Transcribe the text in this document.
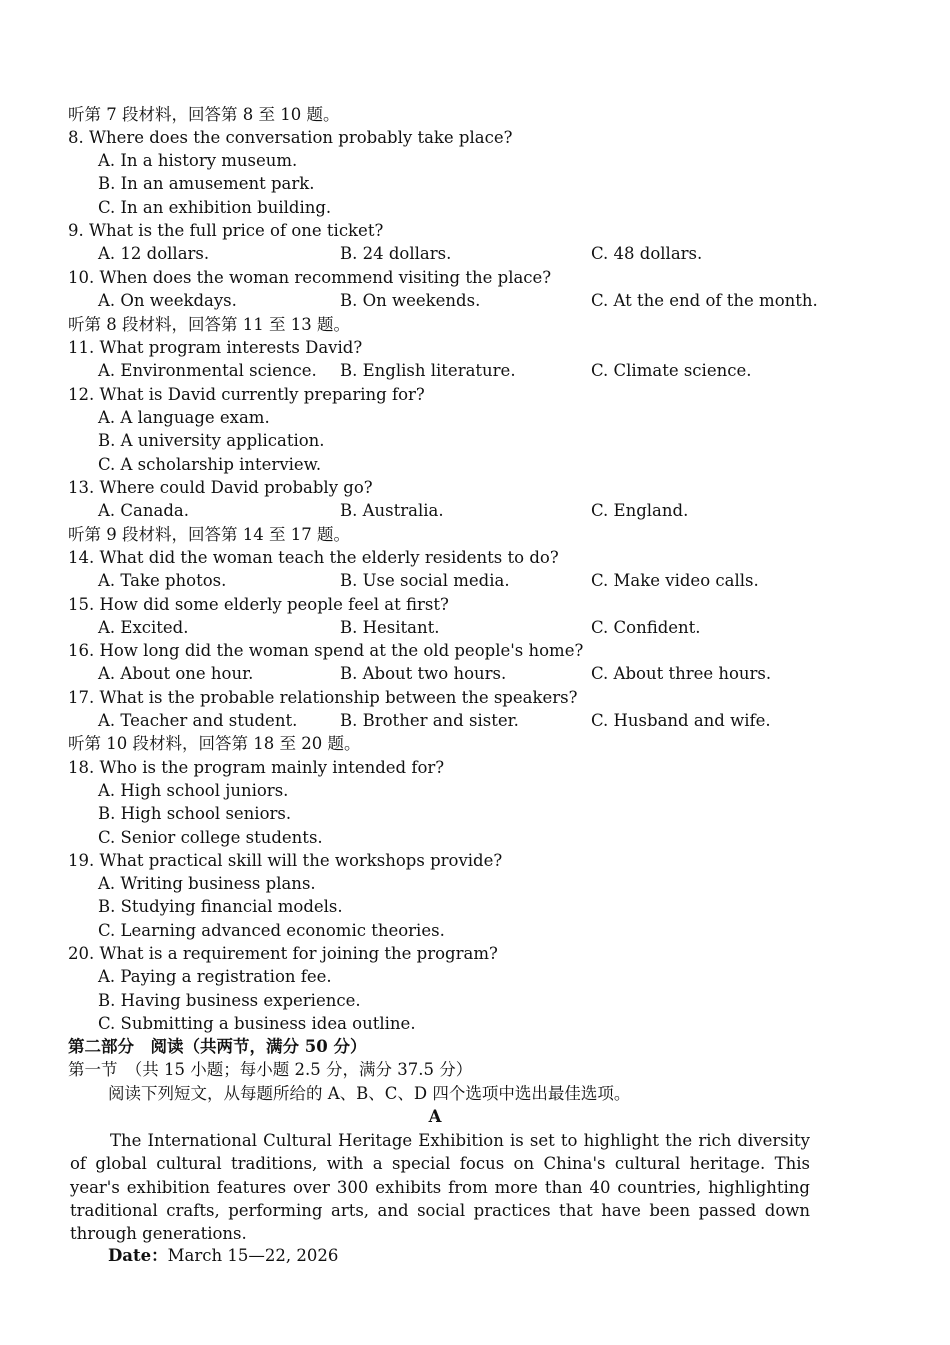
听第 7 段材料，回答第 8 至 10 题。
8. Where does the conversation probably take place?
A. In a history museum.
B. In an amusement park.
C. In an exhibition building.
9. What is the full price of one ticket?
A. 12 dollars.	B. 24 dollars.	C. 48 dollars.
10. When does the woman recommend visiting the place?
A. On weekdays.	B. On weekends.	C. At the end of the month.
听第 8 段材料，回答第 11 至 13 题。
11. What program interests David?
A. Environmental science. B. English literature.	C. Climate science.
12. What is David currently preparing for?
A. A language exam.
B. A university application.
C. A scholarship interview.
13. Where could David probably go?
A. Canada.	B. Australia.	C. England.
听第 9 段材料，回答第 14 至 17 题。
14. What did the woman teach the elderly residents to do?
A. Take photos.	B. Use social media.	C. Make video calls.
15. How did some elderly people feel at first?
A. Excited.	B. Hesitant.	C. Confident.
16. How long did the woman spend at the old people's home?
A. About one hour.	B. About two hours.	C. About three hours.
17. What is the probable relationship between the speakers?
A. Teacher and student.	B. Brother and sister.	C. Husband and wife.
听第 10 段材料，回答第 18 至 20 题。
18. Who is the program mainly intended for?
A. High school juniors.
B. High school seniors.
C. Senior college students.
19. What practical skill will the workshops provide?
A. Writing business plans.
B. Studying financial models.
C. Learning advanced economic theories.
20. What is a requirement for joining the program?
A. Paying a registration fee.
B. Having business experience.
C. Submitting a business idea outline.
第二部分　阅读（共两节，满分 50 分）
第一节　（共 15 小题；每小题 2.5 分，满分 37.5 分）
阅读下列短文，从每题所给的 A、B、C、D 四个选项中选出最佳选项。
A
The International Cultural Heritage Exhibition is set to highlight the rich diversity of global cultural traditions, with a special focus on China's cultural heritage. This year's exhibition features over 300 exhibits from more than 40 countries, highlighting traditional crafts, performing arts, and social practices that have been passed down through generations.
Date：March 15—22, 2026
